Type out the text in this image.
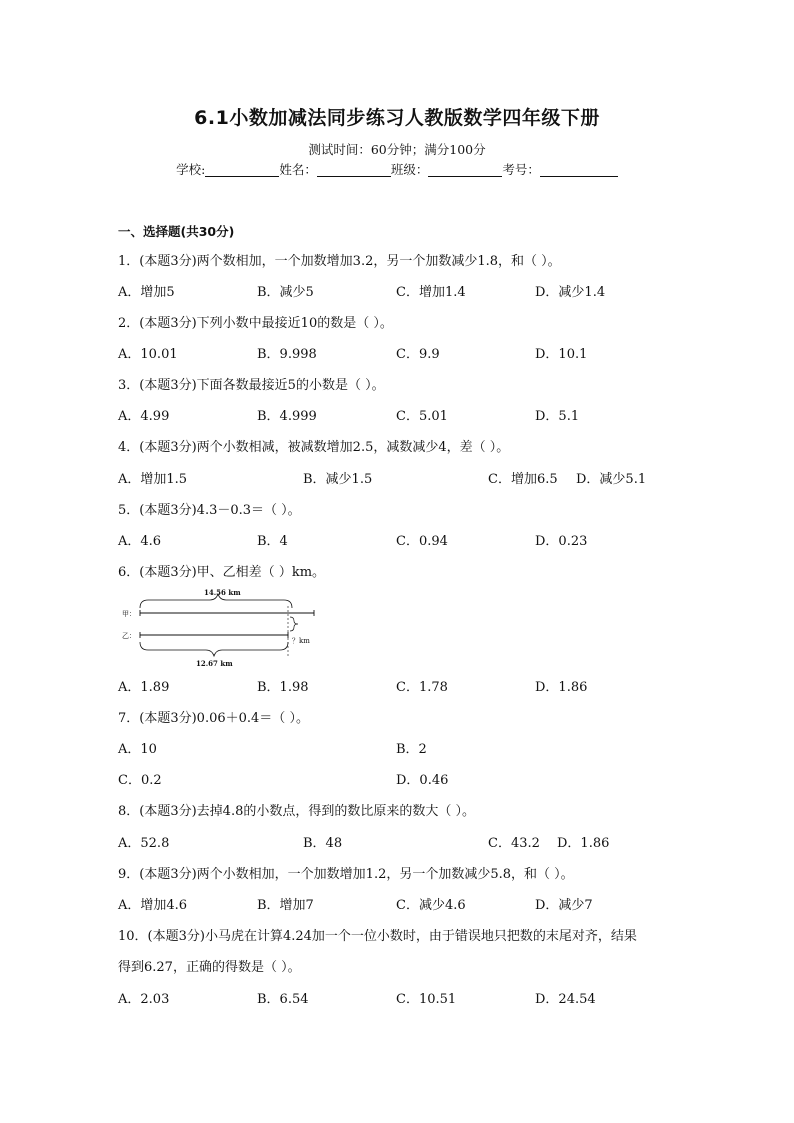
6.1小数加减法同步练习人教版数学四年级下册
测试时间：60分钟；满分100分
学校:	姓名：	班级：	考号：
一、选择题(共30分)
1．(本题3分)两个数相加，一个加数增加3.2，另一个加数减少1.8，和（ ）。
A．增加5	B．减少5	C．增加1.4	D．减少1.4
2．(本题3分)下列小数中最接近10的数是（ ）。
A．10.01	B．9.998	C．9.9	D．10.1
3．(本题3分)下面各数最接近5的小数是（ ）。
A．4.99	B．4.999	C．5.01	D．5.1
4．(本题3分)两个小数相减，被减数增加2.5，减数减少4，差（ ）。
A．增加1.5	B．减少1.5	C．增加6.5 D．减少5.1
5．(本题3分)4.3－0.3＝（ ）。
A．4.6	B．4	C．0.94	D．0.23
6．(本题3分)甲、乙相差（ ）km。
14.56 km
甲：
乙：
？km
12.67 km
A．1.89	B．1.98	C．1.78	D．1.86
7．(本题3分)0.06＋0.4＝（ ）。
A．10	B．2
C．0.2	D．0.46
8．(本题3分)去掉4.8的小数点，得到的数比原来的数大（ ）。
A．52.8	B．48	C．43.2 D．1.86
9．(本题3分)两个小数相加，一个加数增加1.2，另一个加数减少5.8，和（ ）。
A．增加4.6	B．增加7	C．减少4.6	D．减少7
10．(本题3分)小马虎在计算4.24加一个一位小数时，由于错误地只把数的末尾对齐，结果
得到6.27，正确的得数是（ ）。
A．2.03	B．6.54	C．10.51	D．24.54
